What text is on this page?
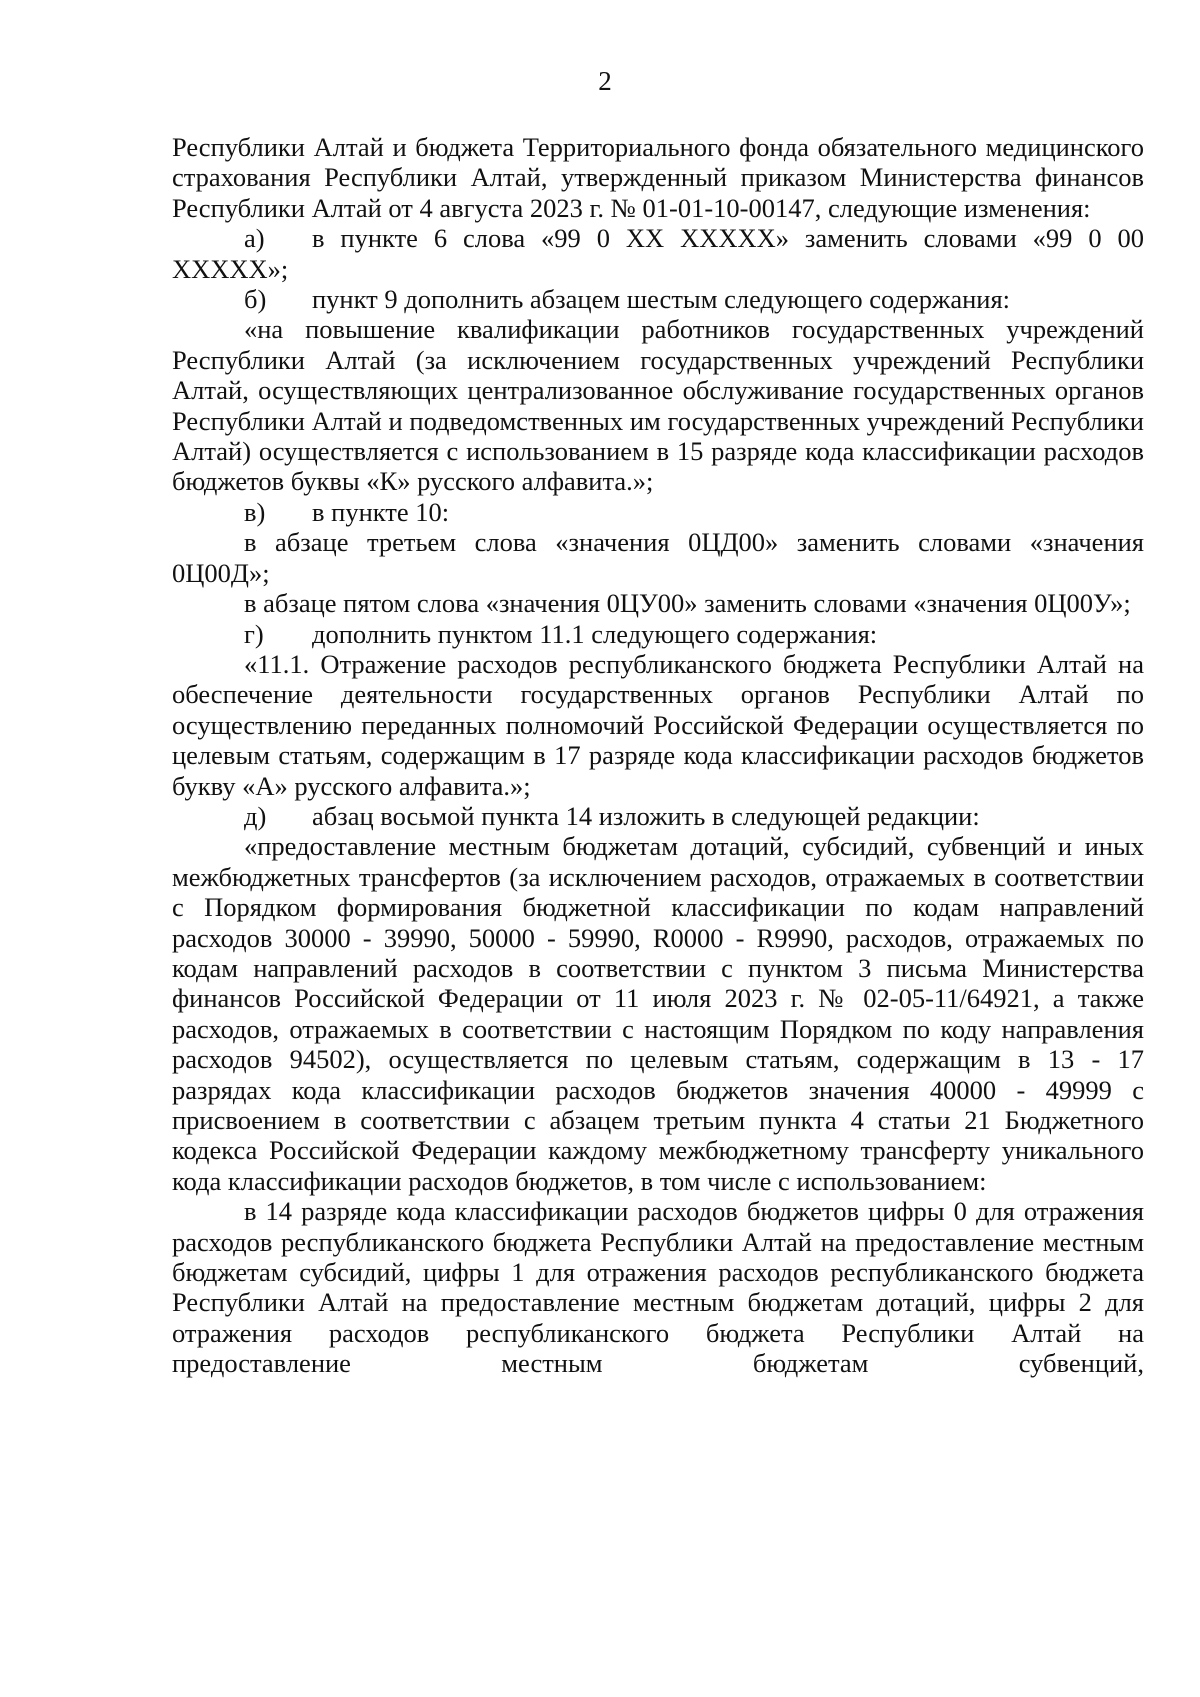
2

Республики Алтай и бюджета Территориального фонда обязательного медицинского страхования Республики Алтай, утвержденный приказом Министерства финансов Республики Алтай от 4 августа 2023 г. № 01-01-10-00147, следующие изменения:

а) в пункте 6 слова «99 0 XX XXXXX» заменить словами «99 0 00 XXXXX»;

б) пункт 9 дополнить абзацем шестым следующего содержания:

«на повышение квалификации работников государственных учреждений Республики Алтай (за исключением государственных учреждений Республики Алтай, осуществляющих централизованное обслуживание государственных органов Республики Алтай и подведомственных им государственных учреждений Республики Алтай) осуществляется с использованием в 15 разряде кода классификации расходов бюджетов буквы «К» русского алфавита.»;

в) в пункте 10:

в абзаце третьем слова «значения 0ЦД00» заменить словами «значения 0Ц00Д»;

в абзаце пятом слова «значения 0ЦУ00» заменить словами «значения 0Ц00У»;

г) дополнить пунктом 11.1 следующего содержания:

«11.1. Отражение расходов республиканского бюджета Республики Алтай на обеспечение деятельности государственных органов Республики Алтай по осуществлению переданных полномочий Российской Федерации осуществляется по целевым статьям, содержащим в 17 разряде кода классификации расходов бюджетов букву «А» русского алфавита.»;

д) абзац восьмой пункта 14 изложить в следующей редакции:

«предоставление местным бюджетам дотаций, субсидий, субвенций и иных межбюджетных трансфертов (за исключением расходов, отражаемых в соответствии с Порядком формирования бюджетной классификации по кодам направлений расходов 30000 - 39990, 50000 - 59990, R0000 - R9990, расходов, отражаемых по кодам направлений расходов в соответствии с пунктом 3 письма Министерства финансов Российской Федерации от 11 июля 2023 г. № 02-05-11/64921, а также расходов, отражаемых в соответствии с настоящим Порядком по коду направления расходов 94502), осуществляется по целевым статьям, содержащим в 13 - 17 разрядах кода классификации расходов бюджетов значения 40000 - 49999 с присвоением в соответствии с абзацем третьим пункта 4 статьи 21 Бюджетного кодекса Российской Федерации каждому межбюджетному трансферту уникального кода классификации расходов бюджетов, в том числе с использованием:

в 14 разряде кода классификации расходов бюджетов цифры 0 для отражения расходов республиканского бюджета Республики Алтай на предоставление местным бюджетам субсидий, цифры 1 для отражения расходов республиканского бюджета Республики Алтай на предоставление местным бюджетам дотаций, цифры 2 для отражения расходов республиканского бюджета Республики Алтай на предоставление местным бюджетам субвенций,
